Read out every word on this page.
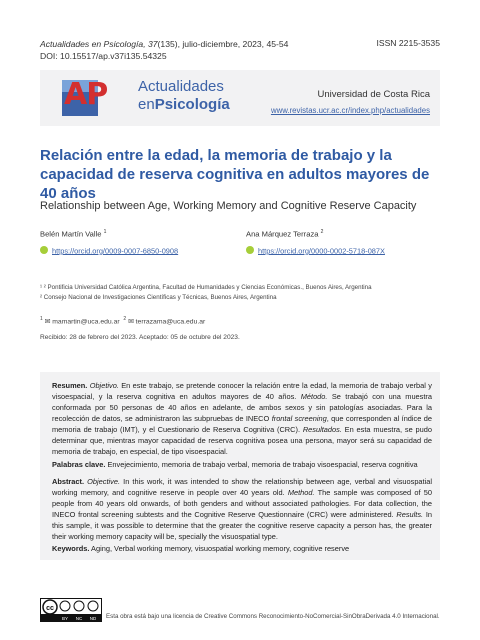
Actualidades en Psicología, 37(135), julio-diciembre, 2023, 45-54
DOI: 10.15517/ap.v37i135.54325
ISSN 2215-3535
AP Actualidades
enPsicología
Universidad de Costa Rica
www.revistas.ucr.ac.cr/index.php/actualidades
Relación entre la edad, la memoria de trabajo y la capacidad de reserva cognitiva en adultos mayores de 40 años
Relationship between Age, Working Memory and Cognitive Reserve Capacity
Belén Martín Valle $^1$
https://orcid.org/0009-0007-6850-0908
Ana Márquez Terraza $^2$
https://orcid.org/0000-0002-5718-087X
¹ ² Pontificia Universidad Católica Argentina, Facultad de Humanidades y Ciencias Económicas., Buenos Aires, Argentina
² Consejo Nacional de Investigaciones Científicas y Técnicas, Buenos Aires, Argentina
$^1$ ✉ mamartin@uca.edu.ar $^2$ ✉ terrazama@uca.edu.ar
Recibido: 28 de febrero del 2023. Aceptado: 05 de octubre del 2023.
Resumen. Objetivo. En este trabajo, se pretende conocer la relación entre la edad, la memoria de trabajo verbal y visoespacial, y la reserva cognitiva en adultos mayores de 40 años. Método. Se trabajó con una muestra conformada por 50 personas de 40 años en adelante, de ambos sexos y sin patologías asociadas. Para la recolección de datos, se administraron las subpruebas de INECO frontal screening, que corresponden al índice de memoria de trabajo (IMT), y el Cuestionario de Reserva Cognitiva (CRC). Resultados. En esta muestra, se pudo determinar que, mientras mayor capacidad de reserva cognitiva posea una persona, mayor será su capacidad de memoria de trabajo, en especial, de tipo visoespacial.
Palabras clave. Envejecimiento, memoria de trabajo verbal, memoria de trabajo visoespacial, reserva cognitiva
Abstract. Objective. In this work, it was intended to show the relationship between age, verbal and visuospatial working memory, and cognitive reserve in people over 40 years old. Method. The sample was composed of 50 people from 40 years old onwards, of both genders and without associated pathologies. For data collection, the INECO frontal screening subtests and the Cognitive Reserve Questionnaire (CRC) were administered. Results. In this sample, it was possible to determine that the greater the cognitive reserve capacity a person has, the greater their working memory capacity will be, specially the visuospatial type.
Keywords. Aging, Verbal working memory, visuospatial working memory, cognitive reserve
cc
BY NC ND Esta obra está bajo una licencia de Creative Commons Reconocimiento-NoComercial-SinObraDerivada 4.0 Internacional.
